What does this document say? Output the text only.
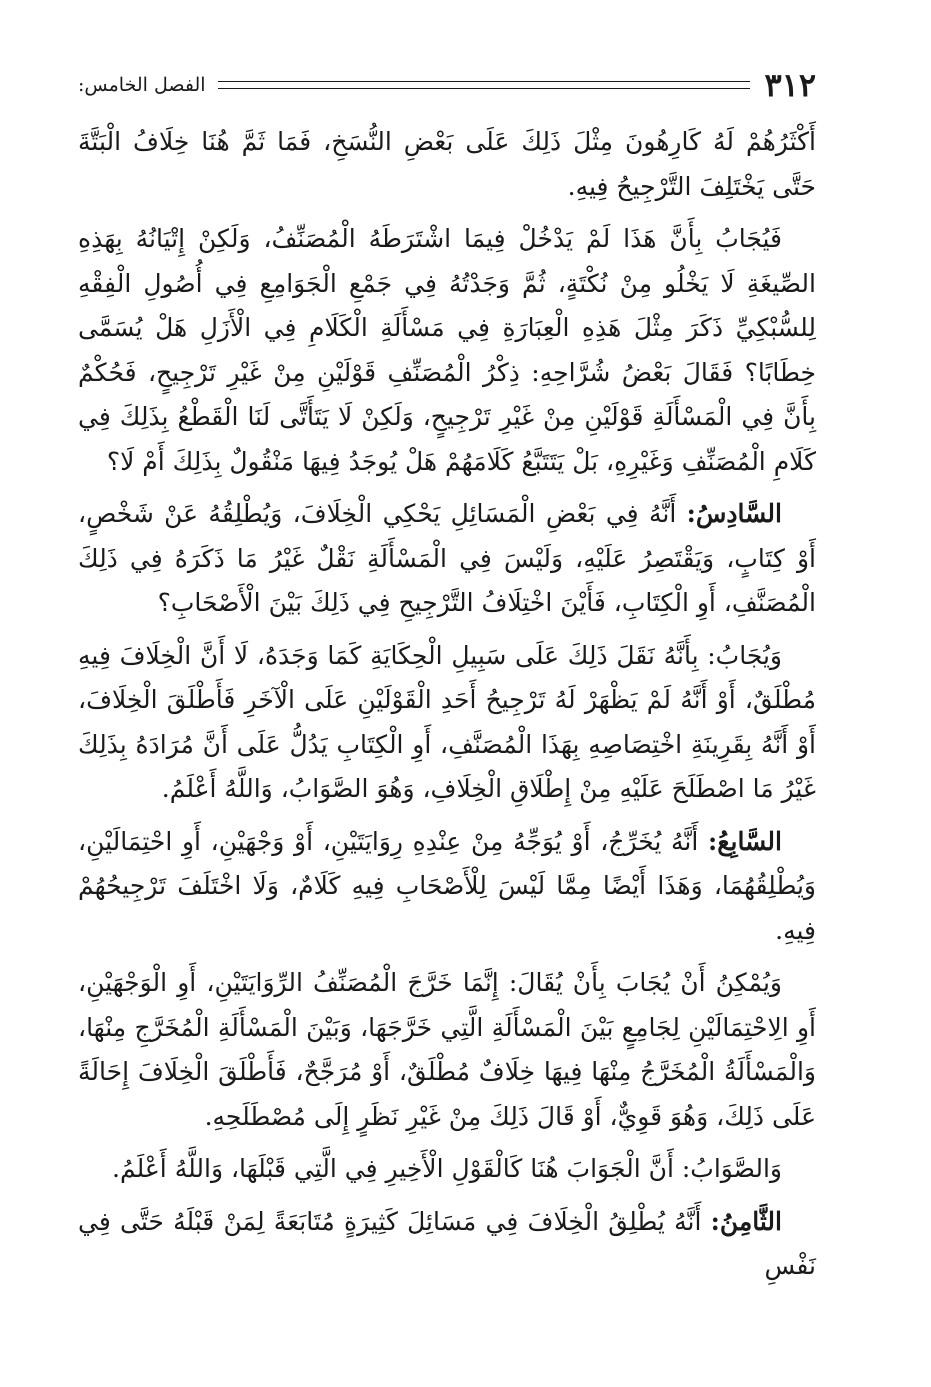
٣١٢
الفصل الخامس:

أَكْثَرُهُمْ لَهُ كَارِهُونَ مِثْلَ ذَلِكَ عَلَى بَعْضِ النُّسَخِ، فَمَا ثَمَّ هُنَا خِلَافُ الْبَتَّةَ حَتَّى يَخْتَلِفَ التَّرْجِيحُ فِيهِ.

فَيُجَابُ بِأَنَّ هَذَا لَمْ يَدْخُلْ فِيمَا اشْتَرَطَهُ الْمُصَنِّفُ، وَلَكِنْ إِتْيَانُهُ بِهَذِهِ الصِّيغَةِ لَا يَخْلُو مِنْ نُكْتَةٍ، ثُمَّ وَجَدْتُهُ فِي جَمْعِ الْجَوَامِعِ فِي أُصُولِ الْفِقْهِ لِلسُّبْكِيِّ ذَكَرَ مِثْلَ هَذِهِ الْعِبَارَةِ فِي مَسْأَلَةِ الْكَلَامِ فِي الْأَزَلِ هَلْ يُسَمَّى خِطَابًا؟ فَقَالَ بَعْضُ شُرَّاحِهِ: ذِكْرُ الْمُصَنِّفِ قَوْلَيْنِ مِنْ غَيْرِ تَرْجِيحٍ، فَحُكْمٌ بِأَنَّ فِي الْمَسْأَلَةِ قَوْلَيْنِ مِنْ غَيْرِ تَرْجِيحٍ، وَلَكِنْ لَا يَتَأَتَّى لَنَا الْقَطْعُ بِذَلِكَ فِي كَلَامِ الْمُصَنِّفِ وَغَيْرِهِ، بَلْ يَتَتَبَّعُ كَلَامَهُمْ هَلْ يُوجَدُ فِيهَا مَنْقُولٌ بِذَلِكَ أَمْ لَا؟

السَّادِسُ: أَنَّهُ فِي بَعْضِ الْمَسَائِلِ يَحْكِي الْخِلَافَ، وَيُطْلِقُهُ عَنْ شَخْصٍ، أَوْ كِتَابٍ، وَيَقْتَصِرُ عَلَيْهِ، وَلَيْسَ فِي الْمَسْأَلَةِ نَقْلٌ غَيْرُ مَا ذَكَرَهُ فِي ذَلِكَ الْمُصَنَّفِ، أَوِ الْكِتَابِ، فَأَيْنَ اخْتِلَافُ التَّرْجِيحِ فِي ذَلِكَ بَيْنَ الْأَصْحَابِ؟

وَيُجَابُ: بِأَنَّهُ نَقَلَ ذَلِكَ عَلَى سَبِيلِ الْحِكَايَةِ كَمَا وَجَدَهُ، لَا أَنَّ الْخِلَافَ فِيهِ مُطْلَقٌ، أَوْ أَنَّهُ لَمْ يَظْهَرْ لَهُ تَرْجِيحُ أَحَدِ الْقَوْلَيْنِ عَلَى الْآخَرِ فَأَطْلَقَ الْخِلَافَ، أَوْ أَنَّهُ بِقَرِينَةِ اخْتِصَاصِهِ بِهَذَا الْمُصَنَّفِ، أَوِ الْكِتَابِ يَدُلُّ عَلَى أَنَّ مُرَادَهُ بِذَلِكَ غَيْرُ مَا اصْطَلَحَ عَلَيْهِ مِنْ إِطْلَاقِ الْخِلَافِ، وَهُوَ الصَّوَابُ، وَاللَّهُ أَعْلَمُ.

السَّابِعُ: أَنَّهُ يُخَرِّجُ، أَوْ يُوَجِّهُ مِنْ عِنْدِهِ رِوَايَتَيْنِ، أَوْ وَجْهَيْنِ، أَوِ احْتِمَالَيْنِ، وَيُطْلِقُهُمَا، وَهَذَا أَيْضًا مِمَّا لَيْسَ لِلْأَصْحَابِ فِيهِ كَلَامٌ، وَلَا اخْتَلَفَ تَرْجِيحُهُمْ فِيهِ.

وَيُمْكِنُ أَنْ يُجَابَ بِأَنْ يُقَالَ: إِنَّمَا خَرَّجَ الْمُصَنِّفُ الرِّوَايَتَيْنِ، أَوِ الْوَجْهَيْنِ، أَوِ الِاحْتِمَالَيْنِ لِجَامِعٍ بَيْنَ الْمَسْأَلَةِ الَّتِي خَرَّجَهَا، وَبَيْنَ الْمَسْأَلَةِ الْمُخَرَّجِ مِنْهَا، وَالْمَسْأَلَةُ الْمُخَرَّجُ مِنْهَا فِيهَا خِلَافٌ مُطْلَقٌ، أَوْ مُرَجَّحٌ، فَأَطْلَقَ الْخِلَافَ إِحَالَةً عَلَى ذَلِكَ، وَهُوَ قَوِيٌّ، أَوْ قَالَ ذَلِكَ مِنْ غَيْرِ نَظَرٍ إِلَى مُصْطَلَحِهِ.

وَالصَّوَابُ: أَنَّ الْجَوَابَ هُنَا كَالْقَوْلِ الْأَخِيرِ فِي الَّتِي قَبْلَهَا، وَاللَّهُ أَعْلَمُ.

الثَّامِنُ: أَنَّهُ يُطْلِقُ الْخِلَافَ فِي مَسَائِلَ كَثِيرَةٍ مُتَابَعَةً لِمَنْ قَبْلَهُ حَتَّى فِي نَفْسِ
